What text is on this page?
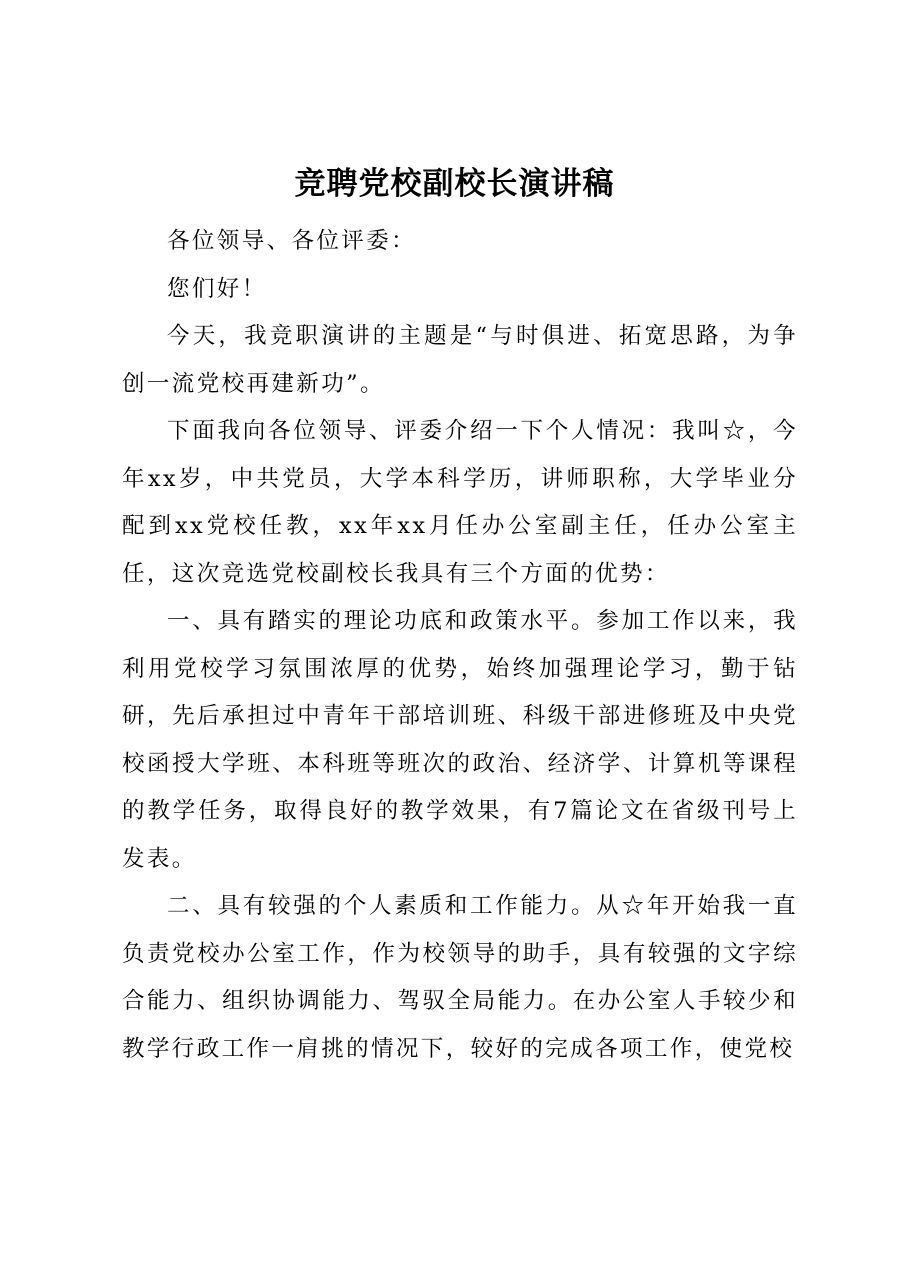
竞聘党校副校长演讲稿

各位领导、各位评委：

您们好！

今天，我竞职演讲的主题是“与时俱进、拓宽思路，为争创一流党校再建新功”。

下面我向各位领导、评委介绍一下个人情况：我叫☆，今年xx岁，中共党员，大学本科学历，讲师职称，大学毕业分配到xx党校任教，xx年xx月任办公室副主任，任办公室主任，这次竞选党校副校长我具有三个方面的优势：

一、具有踏实的理论功底和政策水平。参加工作以来，我利用党校学习氛围浓厚的优势，始终加强理论学习，勤于钻研，先后承担过中青年干部培训班、科级干部进修班及中央党校函授大学班、本科班等班次的政治、经济学、计算机等课程的教学任务，取得良好的教学效果，有7篇论文在省级刊号上发表。

二、具有较强的个人素质和工作能力。从☆年开始我一直负责党校办公室工作，作为校领导的助手，具有较强的文字综合能力、组织协调能力、驾驭全局能力。在办公室人手较少和教学行政工作一肩挑的情况下，较好的完成各项工作，使党校
